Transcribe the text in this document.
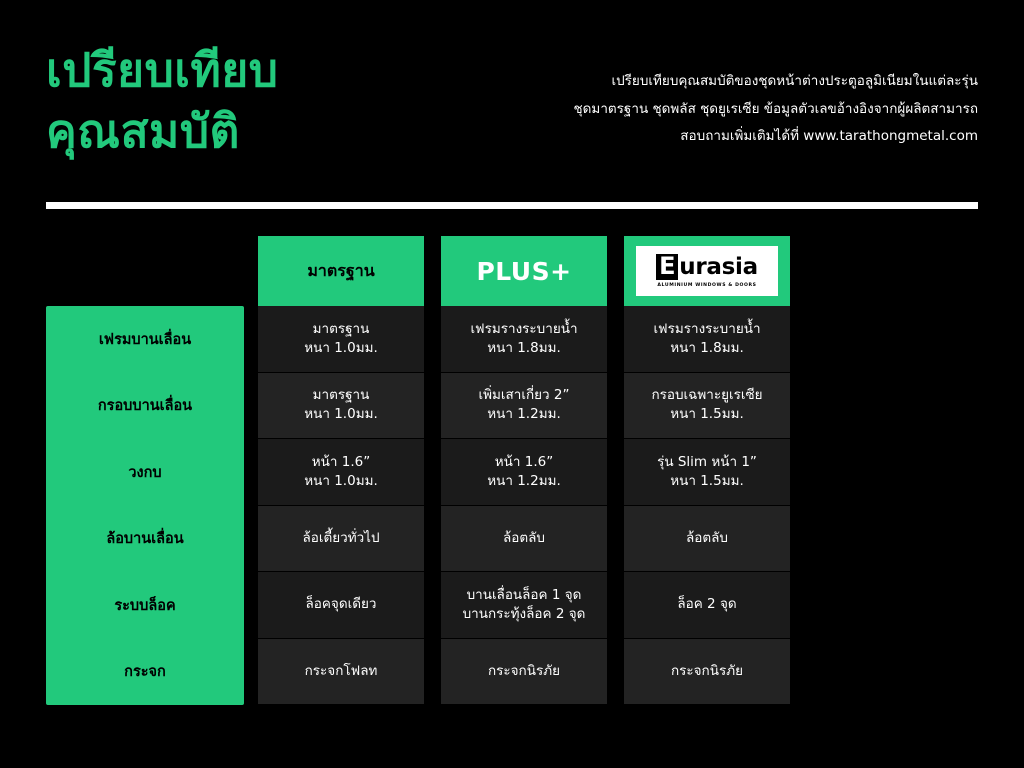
เปรียบเทียบ
คุณสมบัติ
เปรียบเทียบคุณสมบัติของชุดหน้าต่างประตูอลูมิเนียมในแต่ละรุ่น
ชุดมาตรฐาน ชุดพลัส ชุดยูเรเซีย ข้อมูลตัวเลขอ้างอิงจากผู้ผลิตสามารถ
สอบถามเพิ่มเติมได้ที่ www.tarathongmetal.com
เฟรมบานเลื่อน
กรอบบานเลื่อน
วงกบ
ล้อบานเลื่อน
ระบบล็อค
กระจก
มาตรฐาน
มาตรฐาน
หนา 1.0มม.
มาตรฐาน
หนา 1.0มม.
หน้า 1.6”
หนา 1.0มม.
ล้อเตี้ยวทั่วไป
ล็อคจุดเดียว
กระจกโฟลท
PLUS+
เฟรมรางระบายน้ำ
หนา 1.8มม.
เพิ่มเสาเกี่ยว 2”
หนา 1.2มม.
หน้า 1.6”
หนา 1.2มม.
ล้อตลับ
บานเลื่อนล็อค 1 จุด
บานกระทุ้งล็อค 2 จุด
กระจกนิรภัย
E urasia
ALUMINIUM WINDOWS & DOORS
เฟรมรางระบายน้ำ
หนา 1.8มม.
กรอบเฉพาะยูเรเซีย
หนา 1.5มม.
รุ่น Slim หน้า 1”
หนา 1.5มม.
ล้อตลับ
ล็อค 2 จุด
กระจกนิรภัย
